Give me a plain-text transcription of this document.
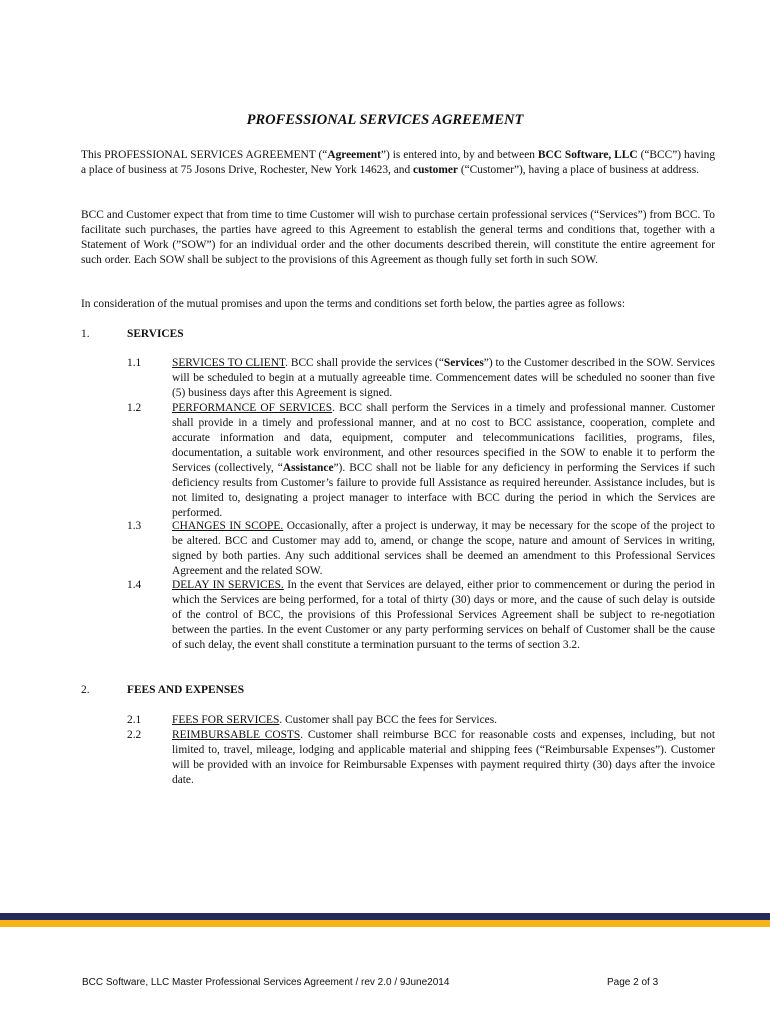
PROFESSIONAL SERVICES AGREEMENT
This PROFESSIONAL SERVICES AGREEMENT (“Agreement”) is entered into, by and between BCC Software, LLC (“BCC”) having a place of business at 75 Josons Drive, Rochester, New York 14623, and customer (“Customer”), having a place of business at address.
BCC and Customer expect that from time to time Customer will wish to purchase certain professional services (“Services”) from BCC. To facilitate such purchases, the parties have agreed to this Agreement to establish the general terms and conditions that, together with a Statement of Work (”SOW”) for an individual order and the other documents described therein, will constitute the entire agreement for such order. Each SOW shall be subject to the provisions of this Agreement as though fully set forth in such SOW.
In consideration of the mutual promises and upon the terms and conditions set forth below, the parties agree as follows:
1.	SERVICES
1.1	SERVICES TO CLIENT. BCC shall provide the services (“Services”) to the Customer described in the SOW. Services will be scheduled to begin at a mutually agreeable time. Commencement dates will be scheduled no sooner than five (5) business days after this Agreement is signed.
1.2	PERFORMANCE OF SERVICES. BCC shall perform the Services in a timely and professional manner. Customer shall provide in a timely and professional manner, and at no cost to BCC assistance, cooperation, complete and accurate information and data, equipment, computer and telecommunications facilities, programs, files, documentation, a suitable work environment, and other resources specified in the SOW to enable it to perform the Services (collectively, “Assistance”). BCC shall not be liable for any deficiency in performing the Services if such deficiency results from Customer’s failure to provide full Assistance as required hereunder. Assistance includes, but is not limited to, designating a project manager to interface with BCC during the period in which the Services are performed.
1.3	CHANGES IN SCOPE. Occasionally, after a project is underway, it may be necessary for the scope of the project to be altered. BCC and Customer may add to, amend, or change the scope, nature and amount of Services in writing, signed by both parties. Any such additional services shall be deemed an amendment to this Professional Services Agreement and the related SOW.
1.4	DELAY IN SERVICES. In the event that Services are delayed, either prior to commencement or during the period in which the Services are being performed, for a total of thirty (30) days or more, and the cause of such delay is outside of the control of BCC, the provisions of this Professional Services Agreement shall be subject to re-negotiation between the parties. In the event Customer or any party performing services on behalf of Customer shall be the cause of such delay, the event shall constitute a termination pursuant to the terms of section 3.2.
2.	FEES AND EXPENSES
2.1	FEES FOR SERVICES. Customer shall pay BCC the fees for Services.
2.2	REIMBURSABLE COSTS. Customer shall reimburse BCC for reasonable costs and expenses, including, but not limited to, travel, mileage, lodging and applicable material and shipping fees (“Reimbursable Expenses”). Customer will be provided with an invoice for Reimbursable Expenses with payment required thirty (30) days after the invoice date.
BCC Software, LLC Master Professional Services Agreement / rev 2.0 / 9June2014	Page 2 of 3
